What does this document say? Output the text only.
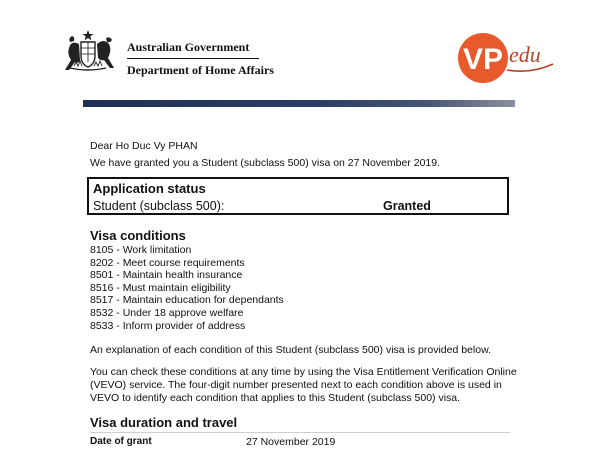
Australian Government
Department of Home Affairs	VP edu
Dear Ho Duc Vy PHAN
We have granted you a Student (subclass 500) visa on 27 November 2019.
Application status
Student (subclass 500):	Granted
Visa conditions
8105 - Work limitation
8202 - Meet course requirements
8501 - Maintain health insurance
8516 - Must maintain eligibility
8517 - Maintain education for dependants
8532 - Under 18 approve welfare
8533 - Inform provider of address
An explanation of each condition of this Student (subclass 500) visa is provided below.
You can check these conditions at any time by using the Visa Entitlement Verification Online
(VEVO) service. The four-digit number presented next to each condition above is used in
VEVO to identify each condition that applies to this Student (subclass 500) visa.
Visa duration and travel
Date of grant	27 November 2019
